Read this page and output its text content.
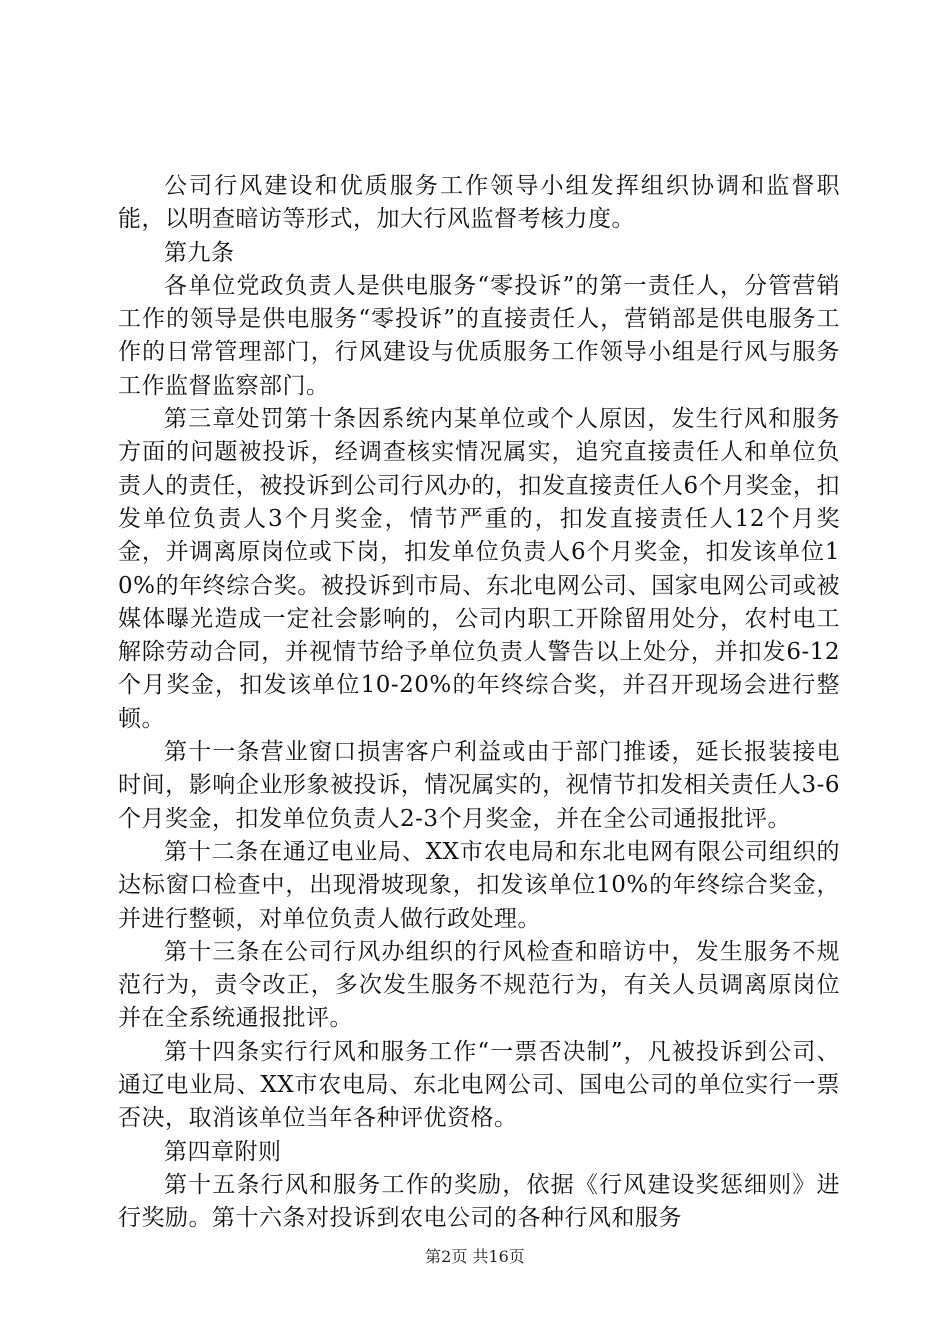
公司行风建设和优质服务工作领导小组发挥组织协调和监督职能，以明查暗访等形式，加大行风监督考核力度。

第九条

各单位党政负责人是供电服务“零投诉”的第一责任人，分管营销工作的领导是供电服务“零投诉”的直接责任人，营销部是供电服务工作的日常管理部门，行风建设与优质服务工作领导小组是行风与服务工作监督监察部门。

第三章处罚第十条因系统内某单位或个人原因，发生行风和服务方面的问题被投诉，经调查核实情况属实，追究直接责任人和单位负责人的责任，被投诉到公司行风办的，扣发直接责任人6个月奖金，扣发单位负责人3个月奖金，情节严重的，扣发直接责任人12个月奖金，并调离原岗位或下岗，扣发单位负责人6个月奖金，扣发该单位10%的年终综合奖。被投诉到市局、东北电网公司、国家电网公司或被媒体曝光造成一定社会影响的，公司内职工开除留用处分，农村电工解除劳动合同，并视情节给予单位负责人警告以上处分，并扣发6-12个月奖金，扣发该单位10-20%的年终综合奖，并召开现场会进行整顿。

第十一条营业窗口损害客户利益或由于部门推诿，延长报装接电时间，影响企业形象被投诉，情况属实的，视情节扣发相关责任人3-6个月奖金，扣发单位负责人2-3个月奖金，并在全公司通报批评。

第十二条在通辽电业局、XX市农电局和东北电网有限公司组织的达标窗口检查中，出现滑坡现象，扣发该单位10%的年终综合奖金，并进行整顿，对单位负责人做行政处理。

第十三条在公司行风办组织的行风检查和暗访中，发生服务不规范行为，责令改正，多次发生服务不规范行为，有关人员调离原岗位并在全系统通报批评。

第十四条实行行风和服务工作“一票否决制”，凡被投诉到公司、通辽电业局、XX市农电局、东北电网公司、国电公司的单位实行一票否决，取消该单位当年各种评优资格。

第四章附则

第十五条行风和服务工作的奖励，依据《行风建设奖惩细则》进行奖励。第十六条对投诉到农电公司的各种行风和服务

第2页 共16页
